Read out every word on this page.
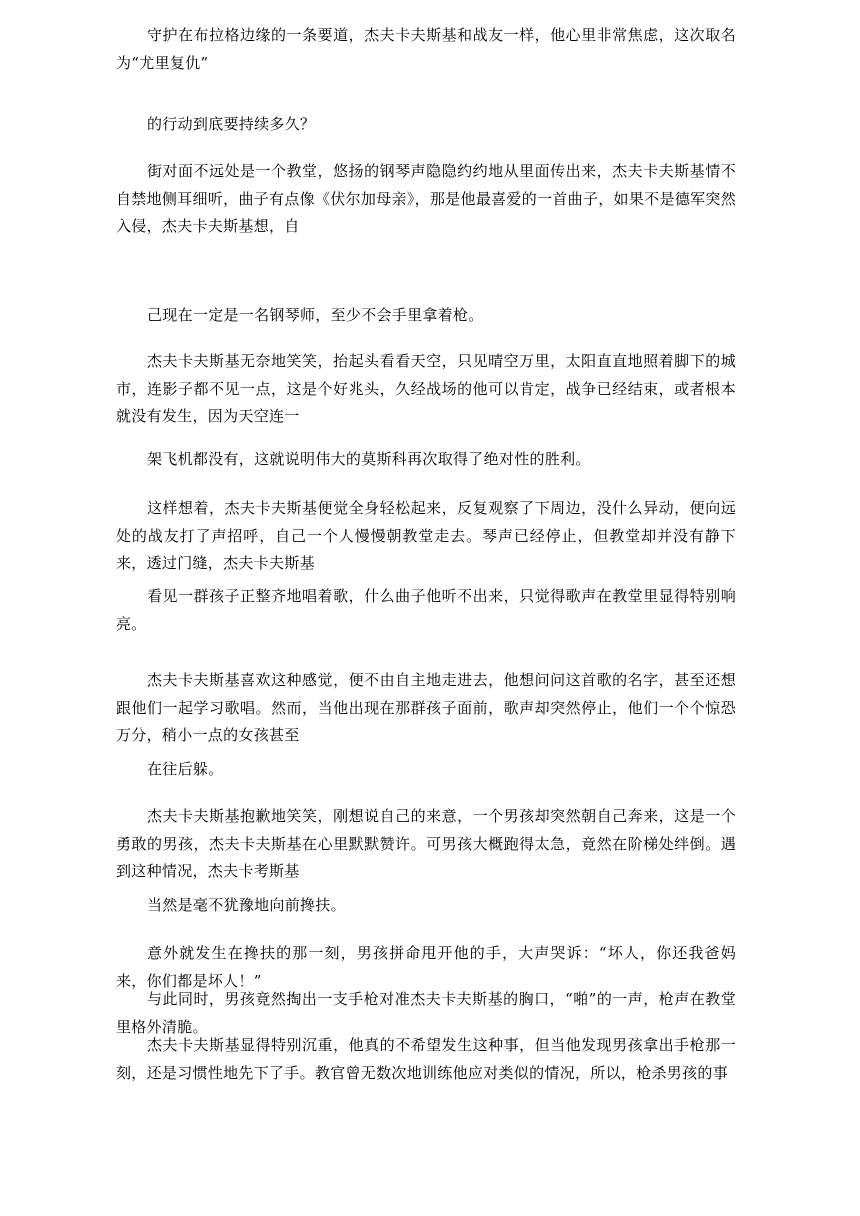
守护在布拉格边缘的一条要道，杰夫卡夫斯基和战友一样，他心里非常焦虑，这次取名为“尤里复仇”

的行动到底要持续多久？

街对面不远处是一个教堂，悠扬的钢琴声隐隐约约地从里面传出来，杰夫卡夫斯基情不自禁地侧耳细听，曲子有点像《伏尔加母亲》，那是他最喜爱的一首曲子，如果不是德军突然入侵，杰夫卡夫斯基想，自

己现在一定是一名钢琴师，至少不会手里拿着枪。

杰夫卡夫斯基无奈地笑笑，抬起头看看天空，只见晴空万里，太阳直直地照着脚下的城市，连影子都不见一点，这是个好兆头，久经战场的他可以肯定，战争已经结束，或者根本就没有发生，因为天空连一

架飞机都没有，这就说明伟大的莫斯科再次取得了绝对性的胜利。

这样想着，杰夫卡夫斯基便觉全身轻松起来，反复观察了下周边，没什么异动，便向远处的战友打了声招呼，自己一个人慢慢朝教堂走去。琴声已经停止，但教堂却并没有静下来，透过门缝，杰夫卡夫斯基

看见一群孩子正整齐地唱着歌，什么曲子他听不出来，只觉得歌声在教堂里显得特别响亮。

杰夫卡夫斯基喜欢这种感觉，便不由自主地走进去，他想问问这首歌的名字，甚至还想跟他们一起学习歌唱。然而，当他出现在那群孩子面前，歌声却突然停止，他们一个个惊恐万分，稍小一点的女孩甚至

在往后躲。

杰夫卡夫斯基抱歉地笑笑，刚想说自己的来意，一个男孩却突然朝自己奔来，这是一个勇敢的男孩，杰夫卡夫斯基在心里默默赞许。可男孩大概跑得太急，竟然在阶梯处绊倒。遇到这种情况，杰夫卡考斯基

当然是毫不犹豫地向前搀扶。

意外就发生在搀扶的那一刻，男孩拼命甩开他的手，大声哭诉：“坏人，你还我爸妈来，你们都是坏人！”

与此同时，男孩竟然掏出一支手枪对准杰夫卡夫斯基的胸口，“啪”的一声，枪声在教堂里格外清脆。

杰夫卡夫斯基显得特别沉重，他真的不希望发生这种事，但当他发现男孩拿出手枪那一刻，还是习惯性地先下了手。教官曾无数次地训练他应对类似的情况，所以，枪杀男孩的事
